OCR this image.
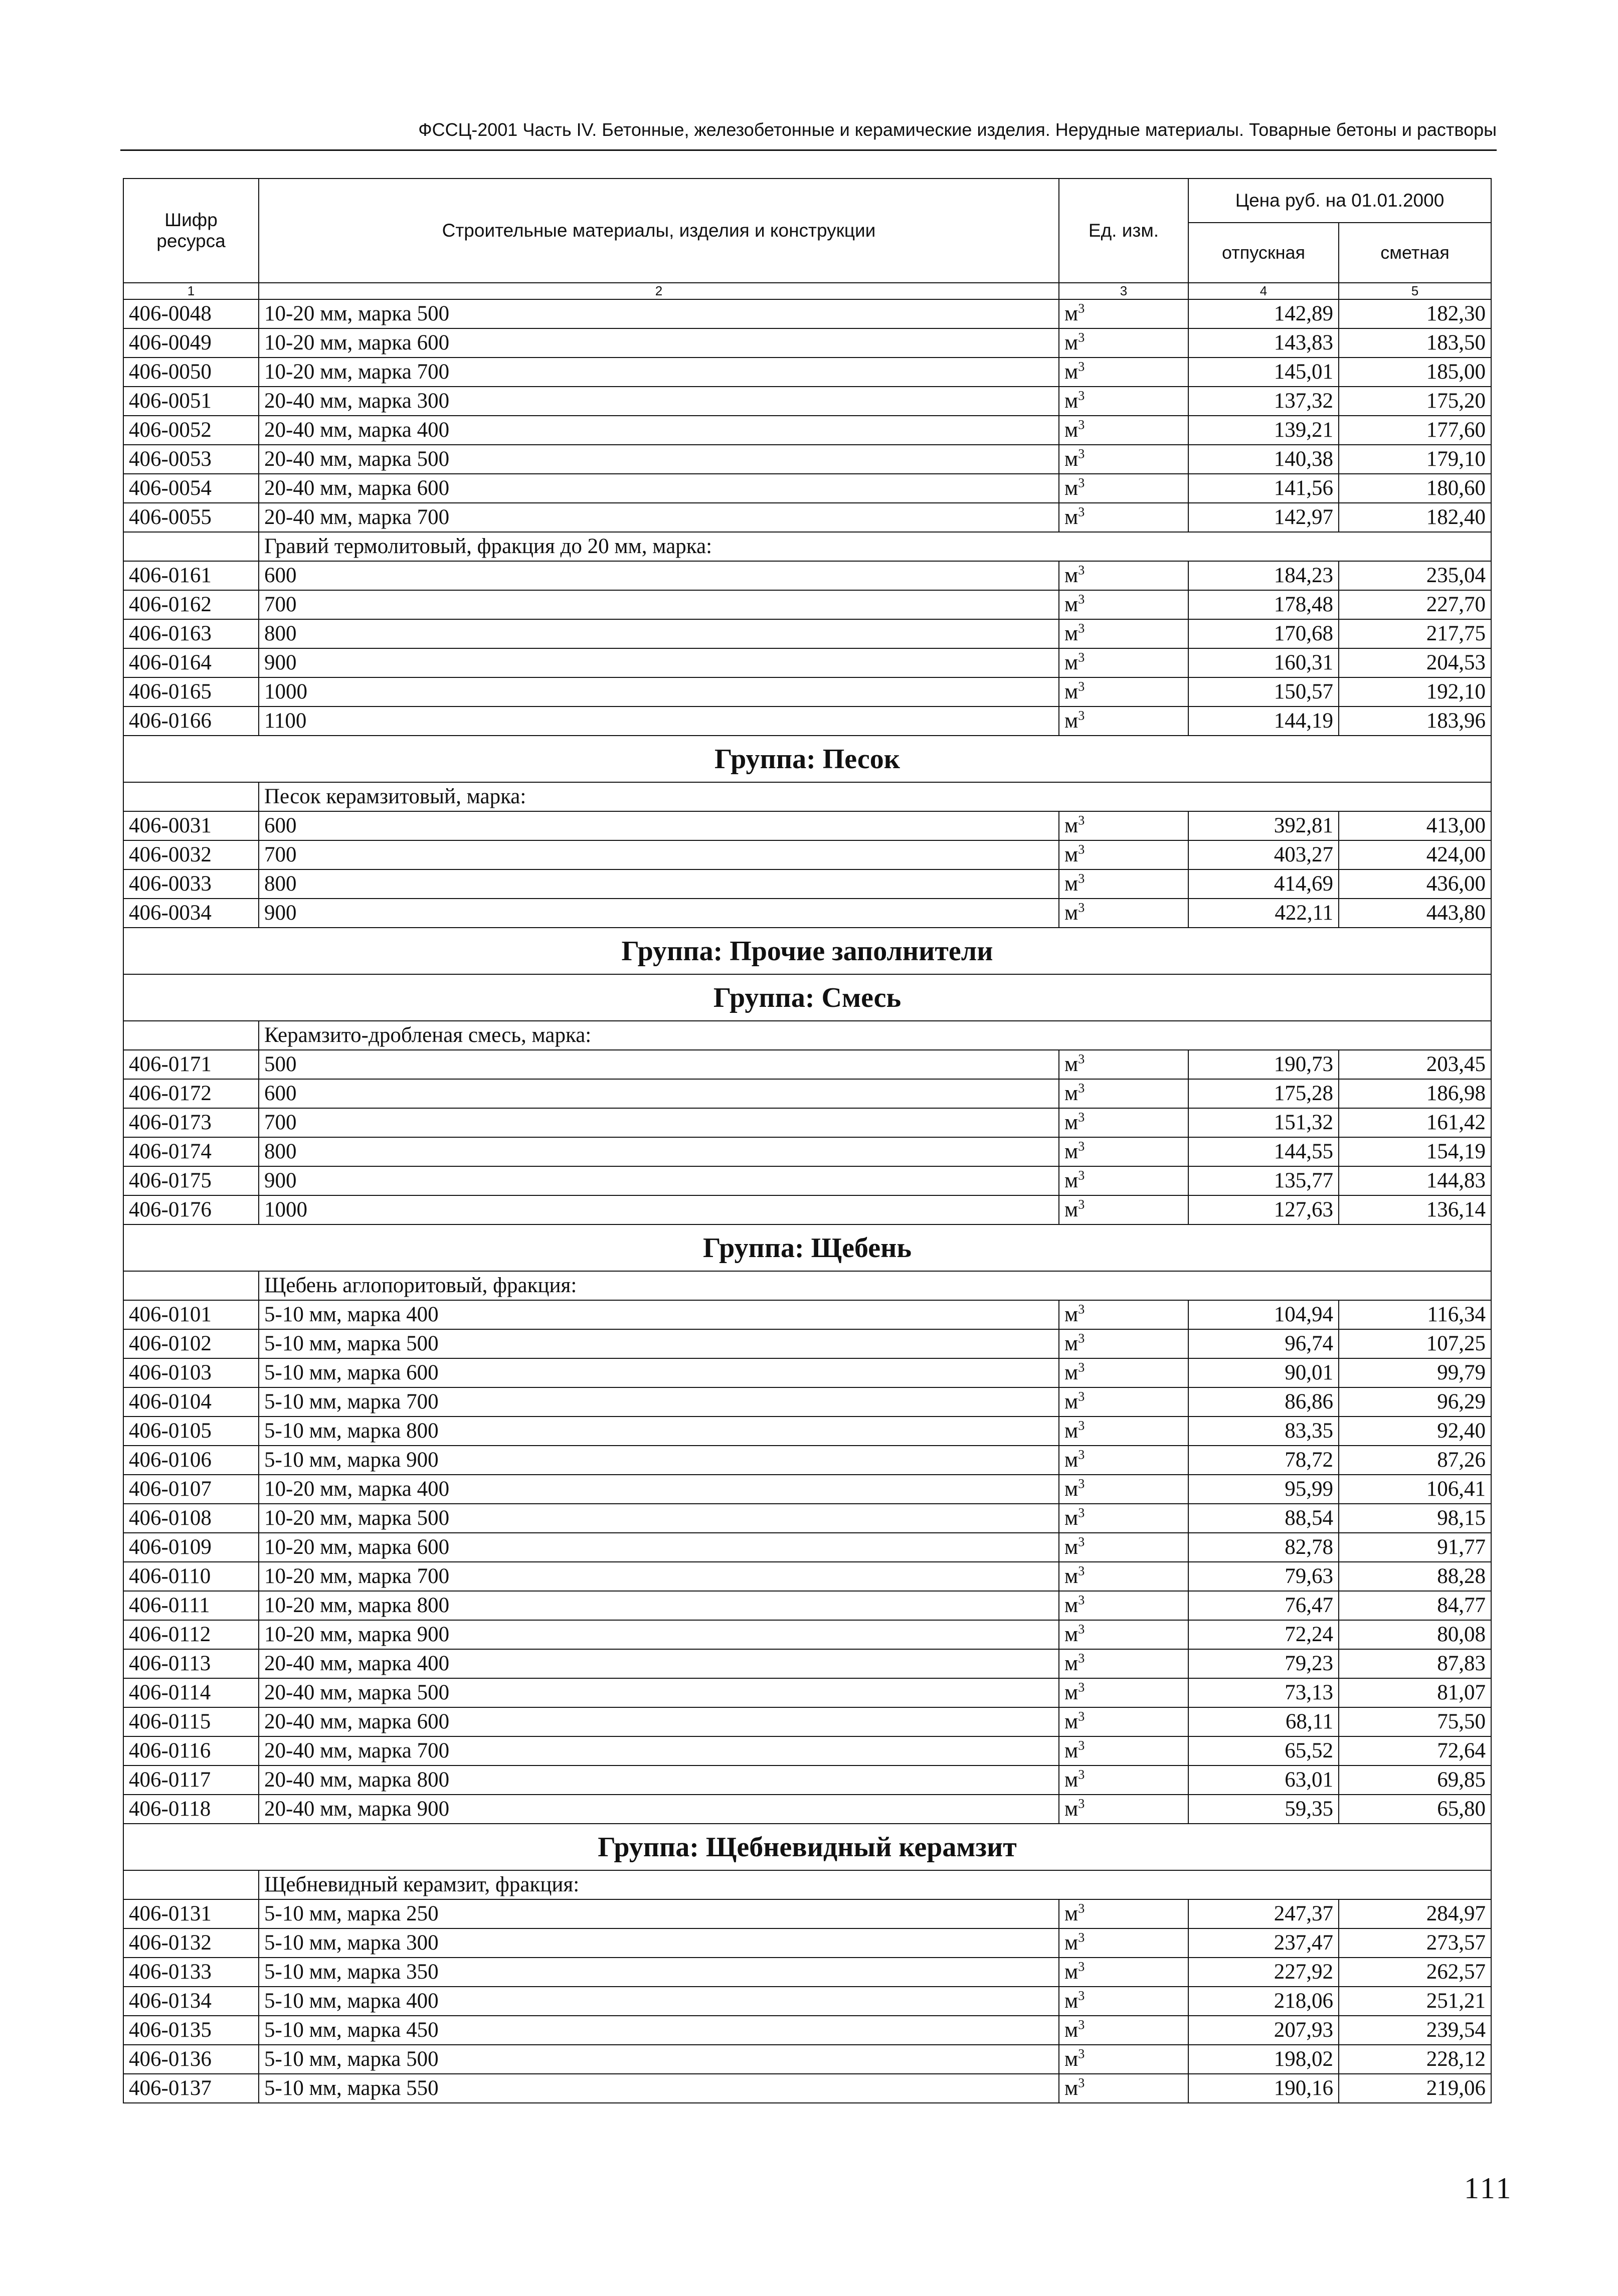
ФССЦ-2001 Часть IV. Бетонные, железобетонные и керамические изделия. Нерудные материалы. Товарные бетоны и растворы
Шифр ресурса	Строительные материалы, изделия и конструкции	Ед. изм.	Цена руб. на 01.01.2000	
			отпускная	сметная
1	2	3	4	5
406-0048	10-20 мм, марка 500	$м^3$	142,89	182,30
406-0049	10-20 мм, марка 600	$м^3$	143,83	183,50
406-0050	10-20 мм, марка 700	$м^3$	145,01	185,00
406-0051	20-40 мм, марка 300	$м^3$	137,32	175,20
406-0052	20-40 мм, марка 400	$м^3$	139,21	177,60
406-0053	20-40 мм, марка 500	$м^3$	140,38	179,10
406-0054	20-40 мм, марка 600	$м^3$	141,56	180,60
406-0055	20-40 мм, марка 700	$м^3$	142,97	182,40
	Гравий термолитовый, фракция до 20 мм, марка:			
406-0161	600	$м^3$	184,23	235,04
406-0162	700	$м^3$	178,48	227,70
406-0163	800	$м^3$	170,68	217,75
406-0164	900	$м^3$	160,31	204,53
406-0165	1000	$м^3$	150,57	192,10
406-0166	1100	$м^3$	144,19	183,96
Группа: Песок				
	Песок керамзитовый, марка:			
406-0031	600	$м^3$	392,81	413,00
406-0032	700	$м^3$	403,27	424,00
406-0033	800	$м^3$	414,69	436,00
406-0034	900	$м^3$	422,11	443,80
Группа: Прочие заполнители				
Группа: Смесь				
	Керамзито-дробленая смесь, марка:			
406-0171	500	$м^3$	190,73	203,45
406-0172	600	$м^3$	175,28	186,98
406-0173	700	$м^3$	151,32	161,42
406-0174	800	$м^3$	144,55	154,19
406-0175	900	$м^3$	135,77	144,83
406-0176	1000	$м^3$	127,63	136,14
Группа: Щебень				
	Щебень аглопоритовый, фракция:			
406-0101	5-10 мм, марка 400	$м^3$	104,94	116,34
406-0102	5-10 мм, марка 500	$м^3$	96,74	107,25
406-0103	5-10 мм, марка 600	$м^3$	90,01	99,79
406-0104	5-10 мм, марка 700	$м^3$	86,86	96,29
406-0105	5-10 мм, марка 800	$м^3$	83,35	92,40
406-0106	5-10 мм, марка 900	$м^3$	78,72	87,26
406-0107	10-20 мм, марка 400	$м^3$	95,99	106,41
406-0108	10-20 мм, марка 500	$м^3$	88,54	98,15
406-0109	10-20 мм, марка 600	$м^3$	82,78	91,77
406-0110	10-20 мм, марка 700	$м^3$	79,63	88,28
406-0111	10-20 мм, марка 800	$м^3$	76,47	84,77
406-0112	10-20 мм, марка 900	$м^3$	72,24	80,08
406-0113	20-40 мм, марка 400	$м^3$	79,23	87,83
406-0114	20-40 мм, марка 500	$м^3$	73,13	81,07
406-0115	20-40 мм, марка 600	$м^3$	68,11	75,50
406-0116	20-40 мм, марка 700	$м^3$	65,52	72,64
406-0117	20-40 мм, марка 800	$м^3$	63,01	69,85
406-0118	20-40 мм, марка 900	$м^3$	59,35	65,80
Группа: Щебневидный керамзит				
	Щебневидный керамзит, фракция:			
406-0131	5-10 мм, марка 250	$м^3$	247,37	284,97
406-0132	5-10 мм, марка 300	$м^3$	237,47	273,57
406-0133	5-10 мм, марка 350	$м^3$	227,92	262,57
406-0134	5-10 мм, марка 400	$м^3$	218,06	251,21
406-0135	5-10 мм, марка 450	$м^3$	207,93	239,54
406-0136	5-10 мм, марка 500	$м^3$	198,02	228,12
406-0137	5-10 мм, марка 550	$м^3$	190,16	219,06
111
